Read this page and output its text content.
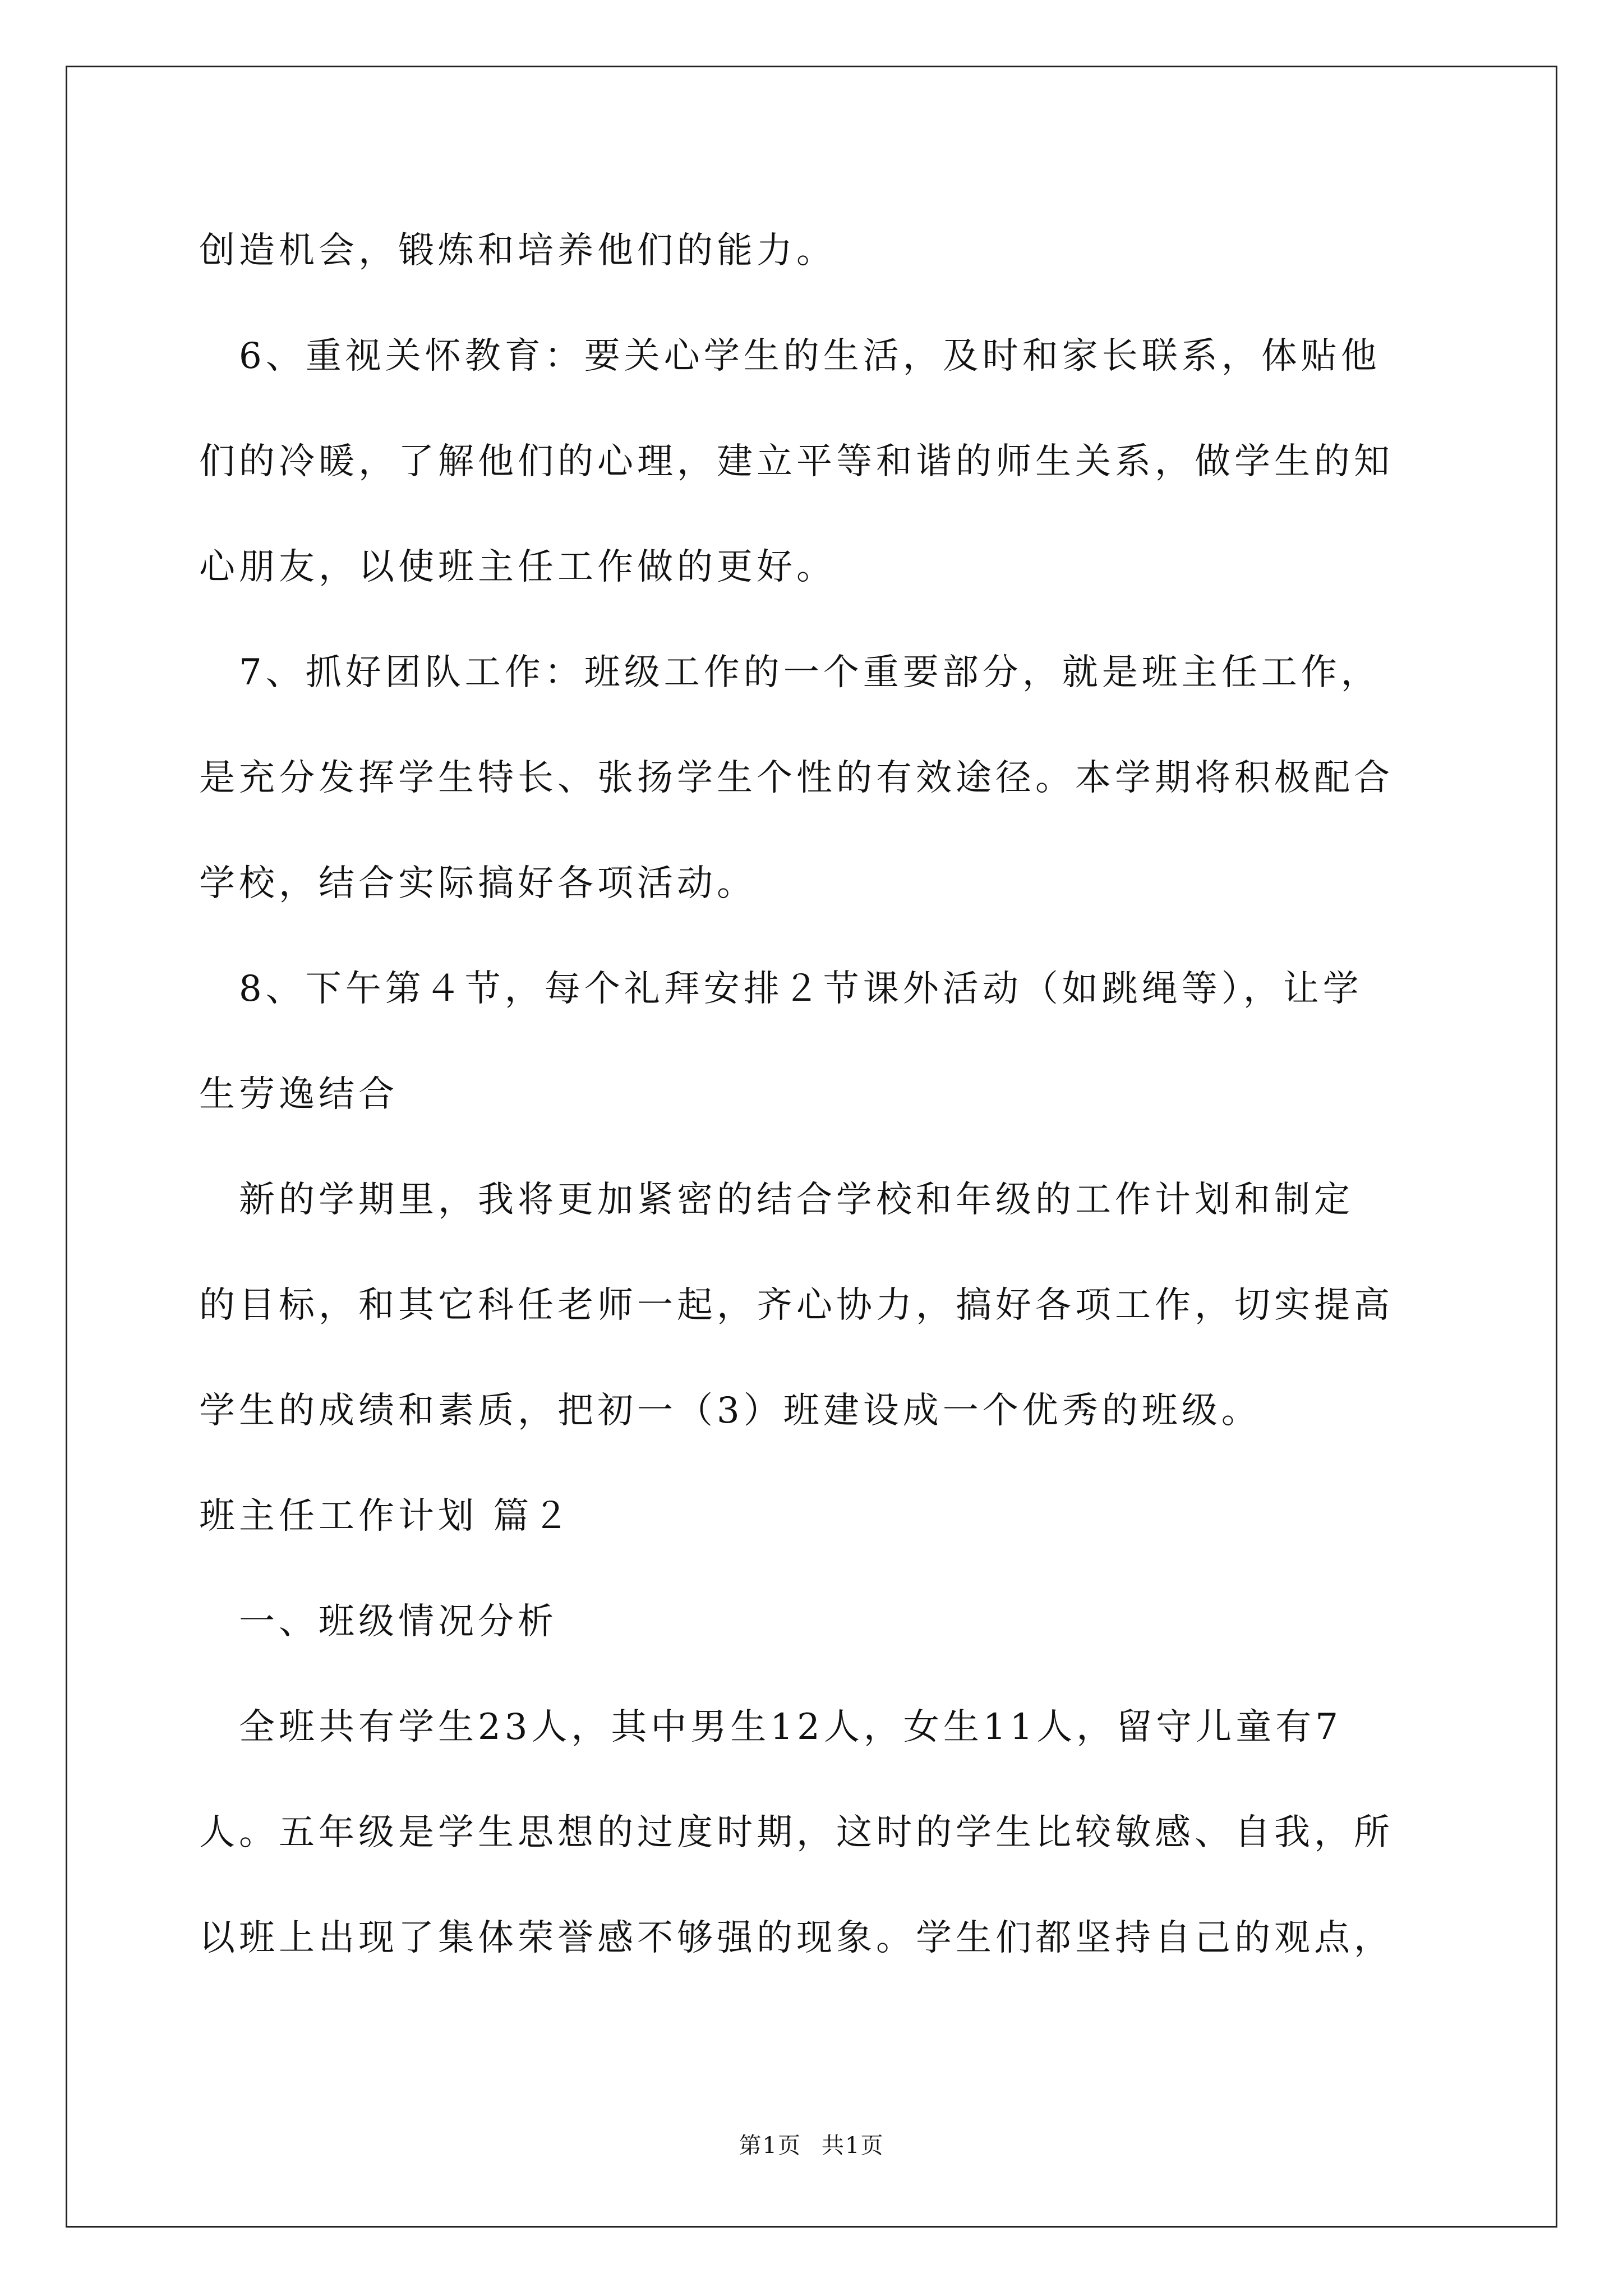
创造机会，锻炼和培养他们的能力。
　6、重视关怀教育：要关心学生的生活，及时和家长联系，体贴他
们的冷暖，了解他们的心理，建立平等和谐的师生关系，做学生的知
心朋友，以使班主任工作做的更好。
　7、抓好团队工作：班级工作的一个重要部分，就是班主任工作，
是充分发挥学生特长、张扬学生个性的有效途径。本学期将积极配合
学校，结合实际搞好各项活动。
　8、下午第４节，每个礼拜安排２节课外活动（如跳绳等），让学
生劳逸结合
　新的学期里，我将更加紧密的结合学校和年级的工作计划和制定
的目标，和其它科任老师一起，齐心协力，搞好各项工作，切实提高
学生的成绩和素质，把初一（3）班建设成一个优秀的班级。
班主任工作计划 篇２
　一、班级情况分析
　全班共有学生23人，其中男生12人，女生11人，留守儿童有7
人。五年级是学生思想的过度时期，这时的学生比较敏感、自我，所
以班上出现了集体荣誉感不够强的现象。学生们都坚持自己的观点，
第1页 共1页
